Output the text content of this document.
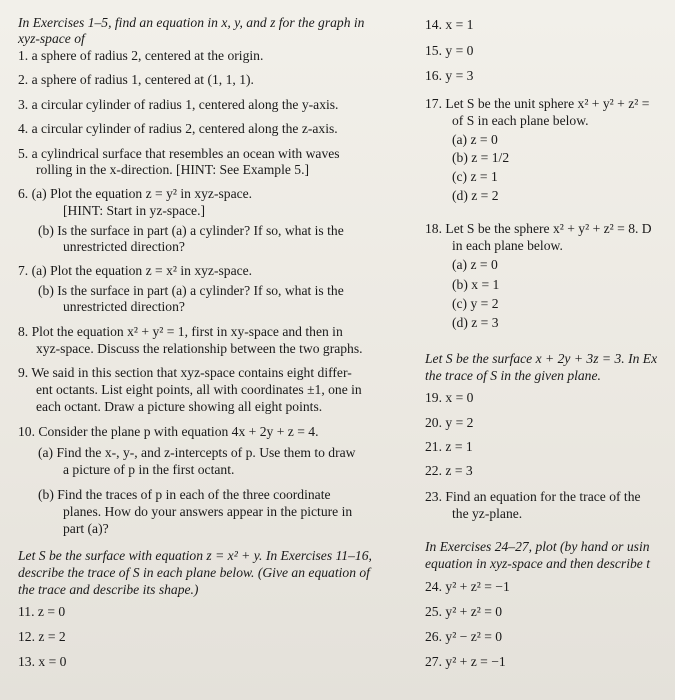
In Exercises 1–5, find an equation in x, y, and z for the graph in
xyz-space of
1. a sphere of radius 2, centered at the origin.
2. a sphere of radius 1, centered at (1, 1, 1).
3. a circular cylinder of radius 1, centered along the y-axis.
4. a circular cylinder of radius 2, centered along the z-axis.
5. a cylindrical surface that resembles an ocean with waves
rolling in the x-direction. [HINT: See Example 5.]
6. (a) Plot the equation z = y² in xyz-space.
[HINT: Start in yz-space.]
(b) Is the surface in part (a) a cylinder? If so, what is the
unrestricted direction?
7. (a) Plot the equation z = x² in xyz-space.
(b) Is the surface in part (a) a cylinder? If so, what is the
unrestricted direction?
8. Plot the equation x² + y² = 1, first in xy-space and then in
xyz-space. Discuss the relationship between the two graphs.
9. We said in this section that xyz-space contains eight differ-
ent octants. List eight points, all with coordinates ±1, one in
each octant. Draw a picture showing all eight points.
10. Consider the plane p with equation 4x + 2y + z = 4.
(a) Find the x-, y-, and z-intercepts of p. Use them to draw
a picture of p in the first octant.
(b) Find the traces of p in each of the three coordinate
planes. How do your answers appear in the picture in
part (a)?
Let S be the surface with equation z = x² + y. In Exercises 11–16,
describe the trace of S in each plane below. (Give an equation of
the trace and describe its shape.)
11. z = 0
12. z = 2
13. x = 0
14. x = 1
15. y = 0
16. y = 3
17. Let S be the unit sphere x² + y² + z² =
of S in each plane below.
(a) z = 0
(b) z = 1/2
(c) z = 1
(d) z = 2
18. Let S be the sphere x² + y² + z² = 8. D
in each plane below.
(a) z = 0
(b) x = 1
(c) y = 2
(d) z = 3
Let S be the surface x + 2y + 3z = 3. In Ex
the trace of S in the given plane.
19. x = 0
20. y = 2
21. z = 1
22. z = 3
23. Find an equation for the trace of the
the yz-plane.
In Exercises 24–27, plot (by hand or usin
equation in xyz-space and then describe t
24. y² + z² = −1
25. y² + z² = 0
26. y² − z² = 0
27. y² + z = −1
